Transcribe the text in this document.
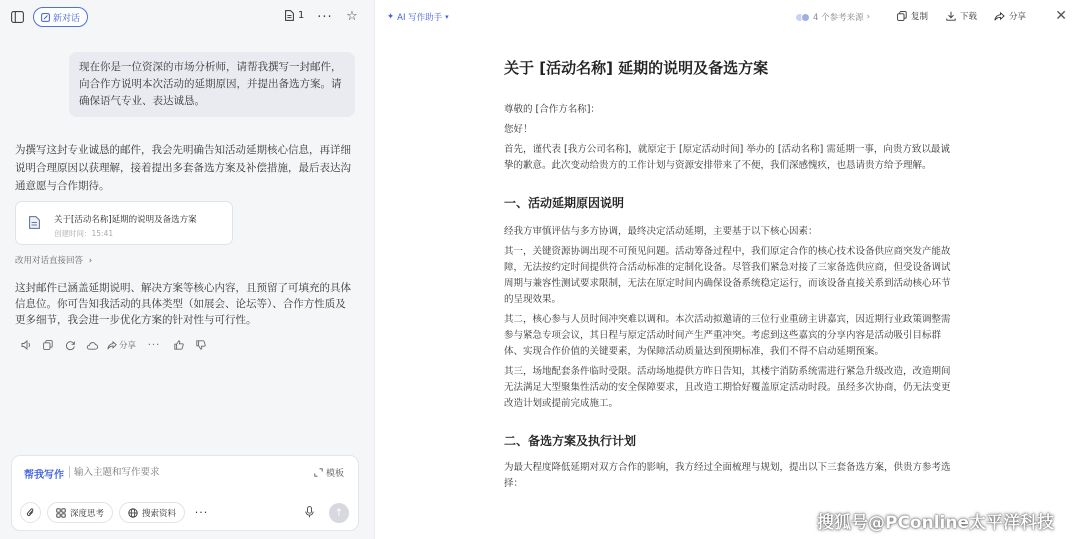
新对话	1 ··· ☆
现在你是一位资深的市场分析师，请帮我撰写一封邮件，向合作方说明本次活动的延期原因，并提出备选方案。请确保语气专业、表达诚恳。
为撰写这封专业诚恳的邮件，我会先明确告知活动延期核心信息，再详细说明合理原因以获理解，接着提出多套备选方案及补偿措施，最后表达沟通意愿与合作期待。
关于[活动名称]延期的说明及备选方案
创建时间：15:41
改用对话直接回答 ›
这封邮件已涵盖延期说明、解决方案等核心内容，且预留了可填充的具体信息位。你可告知我活动的具体类型（如展会、论坛等）、合作方性质及更多细节，我会进一步优化方案的针对性与可行性。
分享	···
帮我写作
输入主题和写作要求	模板
深度思考	搜索资料	···	↑
✦ AI 写作助手 ▾	4 个参考来源 ›	复制	下载	分享 ✕
关于 [活动名称] 延期的说明及备选方案
尊敬的 [合作方名称]：
您好！
首先，谨代表 [我方公司名称]，就原定于 [原定活动时间] 举办的 [活动名称] 需延期一事，向贵方致以最诚挚的歉意。此次变动给贵方的工作计划与资源安排带来了不便，我们深感愧疚，也恳请贵方给予理解。
一、活动延期原因说明
经我方审慎评估与多方协调，最终决定活动延期，主要基于以下核心因素：
其一，关键资源协调出现不可预见问题。活动筹备过程中，我们原定合作的核心技术设备供应商突发产能故障，无法按约定时间提供符合活动标准的定制化设备。尽管我们紧急对接了三家备选供应商，但受设备调试周期与兼容性测试要求限制，无法在原定时间内确保设备系统稳定运行，而该设备直接关系到活动核心环节的呈现效果。
其二，核心参与人员时间冲突难以调和。本次活动拟邀请的三位行业重磅主讲嘉宾，因近期行业政策调整需参与紧急专项会议，其日程与原定活动时间产生严重冲突。考虑到这些嘉宾的分享内容是活动吸引目标群体、实现合作价值的关键要素，为保障活动质量达到预期标准，我们不得不启动延期预案。
其三，场地配套条件临时受限。活动场地提供方昨日告知，其楼宇消防系统需进行紧急升级改造，改造期间无法满足大型聚集性活动的安全保障要求，且改造工期恰好覆盖原定活动时段。虽经多次协商，仍无法变更改造计划或提前完成施工。
二、备选方案及执行计划
为最大程度降低延期对双方合作的影响，我方经过全面梳理与规划，提出以下三套备选方案，供贵方参考选择：
搜狐号@PConline太平洋科技
